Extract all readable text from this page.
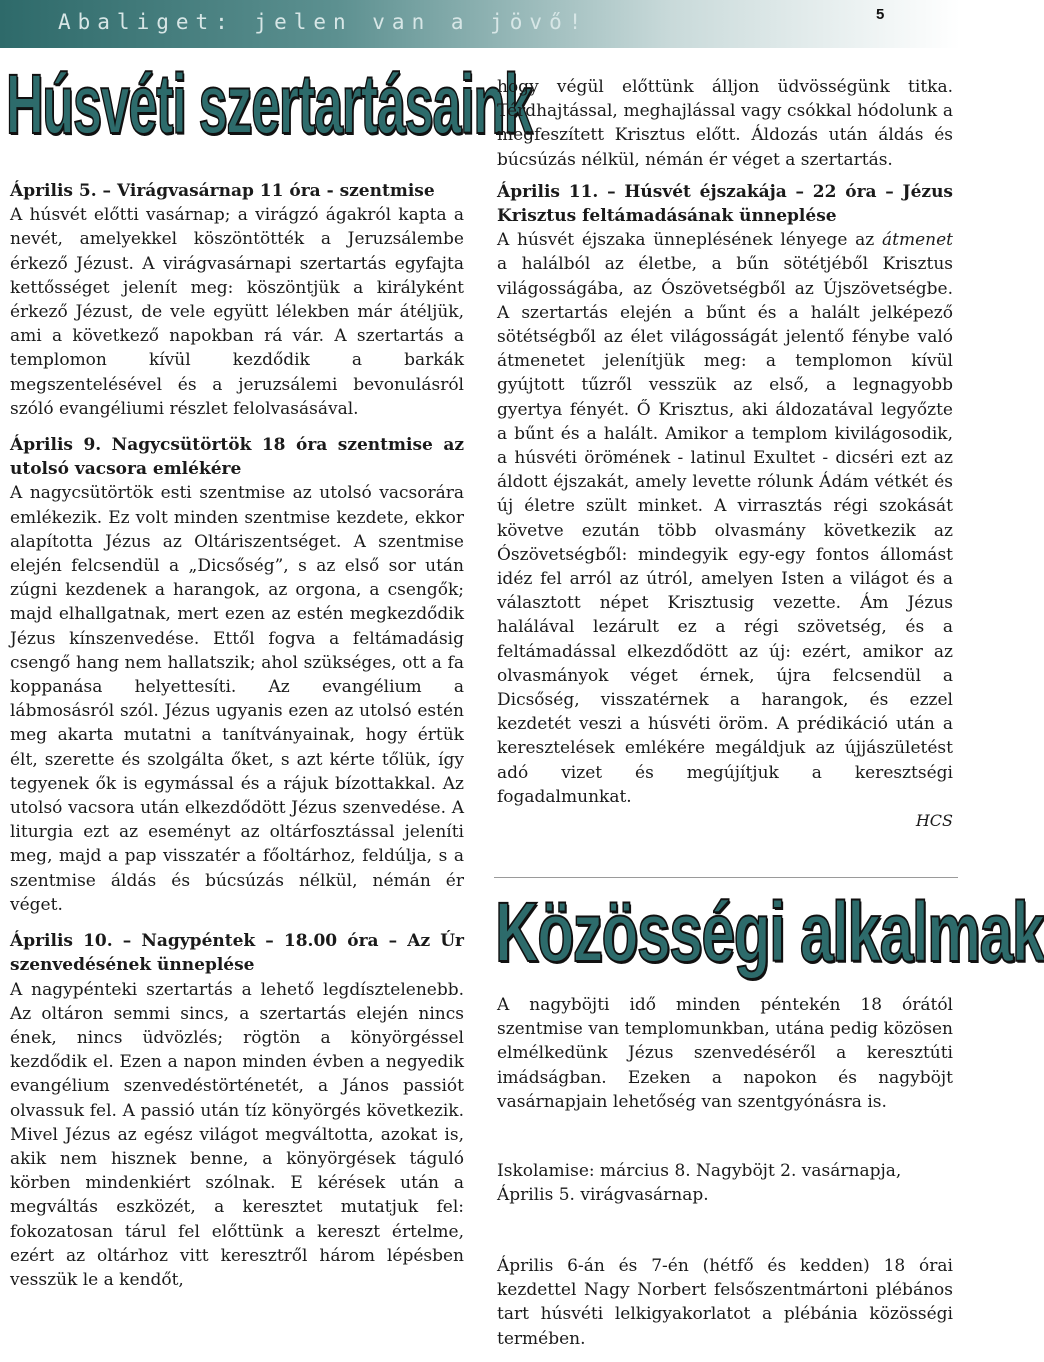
Abaliget: jelen van a jövő!	5
Húsvéti szertartásaink

Április 5. – Virágvasárnap 11 óra - szentmise

A húsvét előtti vasárnap; a virágzó ágakról kapta a nevét, amelyekkel köszöntötték a Jeruzsálembe érkező Jézust. A virágvasárnapi szertartás egyfajta kettősséget jelenít meg: köszöntjük a királyként érkező Jézust, de vele együtt lélekben már átéljük, ami a következő napokban rá vár. A szertartás a templomon kívül kezdődik a barkák megszentelésével és a jeruzsálemi bevonulásról szóló evangéliumi részlet felolvasásával.

Április 9. Nagycsütörtök 18 óra szentmise az utolsó vacsora emlékére

A nagycsütörtök esti szentmise az utolsó vacsorára emlékezik. Ez volt minden szentmise kezdete, ekkor alapította Jézus az Oltáriszentséget. A szentmise elején felcsendül a „Dicsőség”, s az első sor után zúgni kezdenek a harangok, az orgona, a csengők; majd elhallgatnak, mert ezen az estén megkezdődik Jézus kínszenvedése. Ettől fogva a feltámadásig csengő hang nem hallatszik; ahol szükséges, ott a fa koppanása helyettesíti. Az evangélium a lábmosásról szól. Jézus ugyanis ezen az utolsó estén meg akarta mutatni a tanítványainak, hogy értük élt, szerette és szolgálta őket, s azt kérte tőlük, így tegyenek ők is egymással és a rájuk bízottakkal. Az utolsó vacsora után elkezdődött Jézus szenvedése. A liturgia ezt az eseményt az oltárfosztással jeleníti meg, majd a pap visszatér a főoltárhoz, feldúlja, s a szentmise áldás és búcsúzás nélkül, némán ér véget.

Április 10. – Nagypéntek – 18.00 óra – Az Úr szenvedésének ünneplése

A nagypénteki szertartás a lehető legdísztelenebb. Az oltáron semmi sincs, a szertartás elején nincs ének, nincs üdvözlés; rögtön a könyörgéssel kezdődik el. Ezen a napon minden évben a negyedik evangélium szenvedéstörténetét, a János passiót olvassuk fel. A passió után tíz könyörgés következik. Mivel Jézus az egész világot megváltotta, azokat is, akik nem hisznek benne, a könyörgések táguló körben mindenkiért szólnak. E kérések után a megváltás eszközét, a keresztet mutatjuk fel: fokozatosan tárul fel előttünk a kereszt értelme, ezért az oltárhoz vitt keresztről három lépésben vesszük le a kendőt,

hogy végül előttünk álljon üdvösségünk titka. Térdhajtással, meghajlással vagy csókkal hódolunk a megfeszített Krisztus előtt. Áldozás után áldás és búcsúzás nélkül, némán ér véget a szertartás.

Április 11. – Húsvét éjszakája – 22 óra – Jézus Krisztus feltámadásának ünneplése

A húsvét éjszaka ünneplésének lényege az átmenet a halálból az életbe, a bűn sötétjéből Krisztus világosságába, az Ószövetségből az Újszövetségbe. A szertartás elején a bűnt és a halált jelképező sötétségből az élet világosságát jelentő fénybe való átmenetet jelenítjük meg: a templomon kívül gyújtott tűzről vesszük az első, a legnagyobb gyertya fényét. Ő Krisztus, aki áldozatával legyőzte a bűnt és a halált. Amikor a templom kivilágosodik, a húsvéti örömének - latinul Exultet - dicséri ezt az áldott éjszakát, amely levette rólunk Ádám vétkét és új életre szült minket. A virrasztás régi szokását követve ezután több olvasmány következik az Ószövetségből: mindegyik egy-egy fontos állomást idéz fel arról az útról, amelyen Isten a világot és a választott népet Krisztusig vezette. Ám Jézus halálával lezárult ez a régi szövetség, és a feltámadással elkezdődött az új: ezért, amikor az olvasmányok véget érnek, újra felcsendül a Dicsőség, visszatérnek a harangok, és ezzel kezdetét veszi a húsvéti öröm. A prédikáció után a keresztelések emlékére megáldjuk az újjászületést adó vizet és megújítjuk a keresztségi fogadalmunkat.

HCS

Közösségi alkalmak

A nagyböjti idő minden péntekén 18 órától szentmise van templomunkban, utána pedig közösen elmélkedünk Jézus szenvedéséről a keresztúti imádságban. Ezeken a napokon és nagyböjt vasárnapjain lehetőség van szentgyónásra is.

Iskolamise: március 8. Nagyböjt 2. vasárnapja, Április 5. virágvasárnap.
Április 6-án és 7-én (hétfő és kedden) 18 órai kezdettel Nagy Norbert felsőszentmártoni plébános tart húsvéti lelkigyakorlatot a plébánia közösségi termében.
